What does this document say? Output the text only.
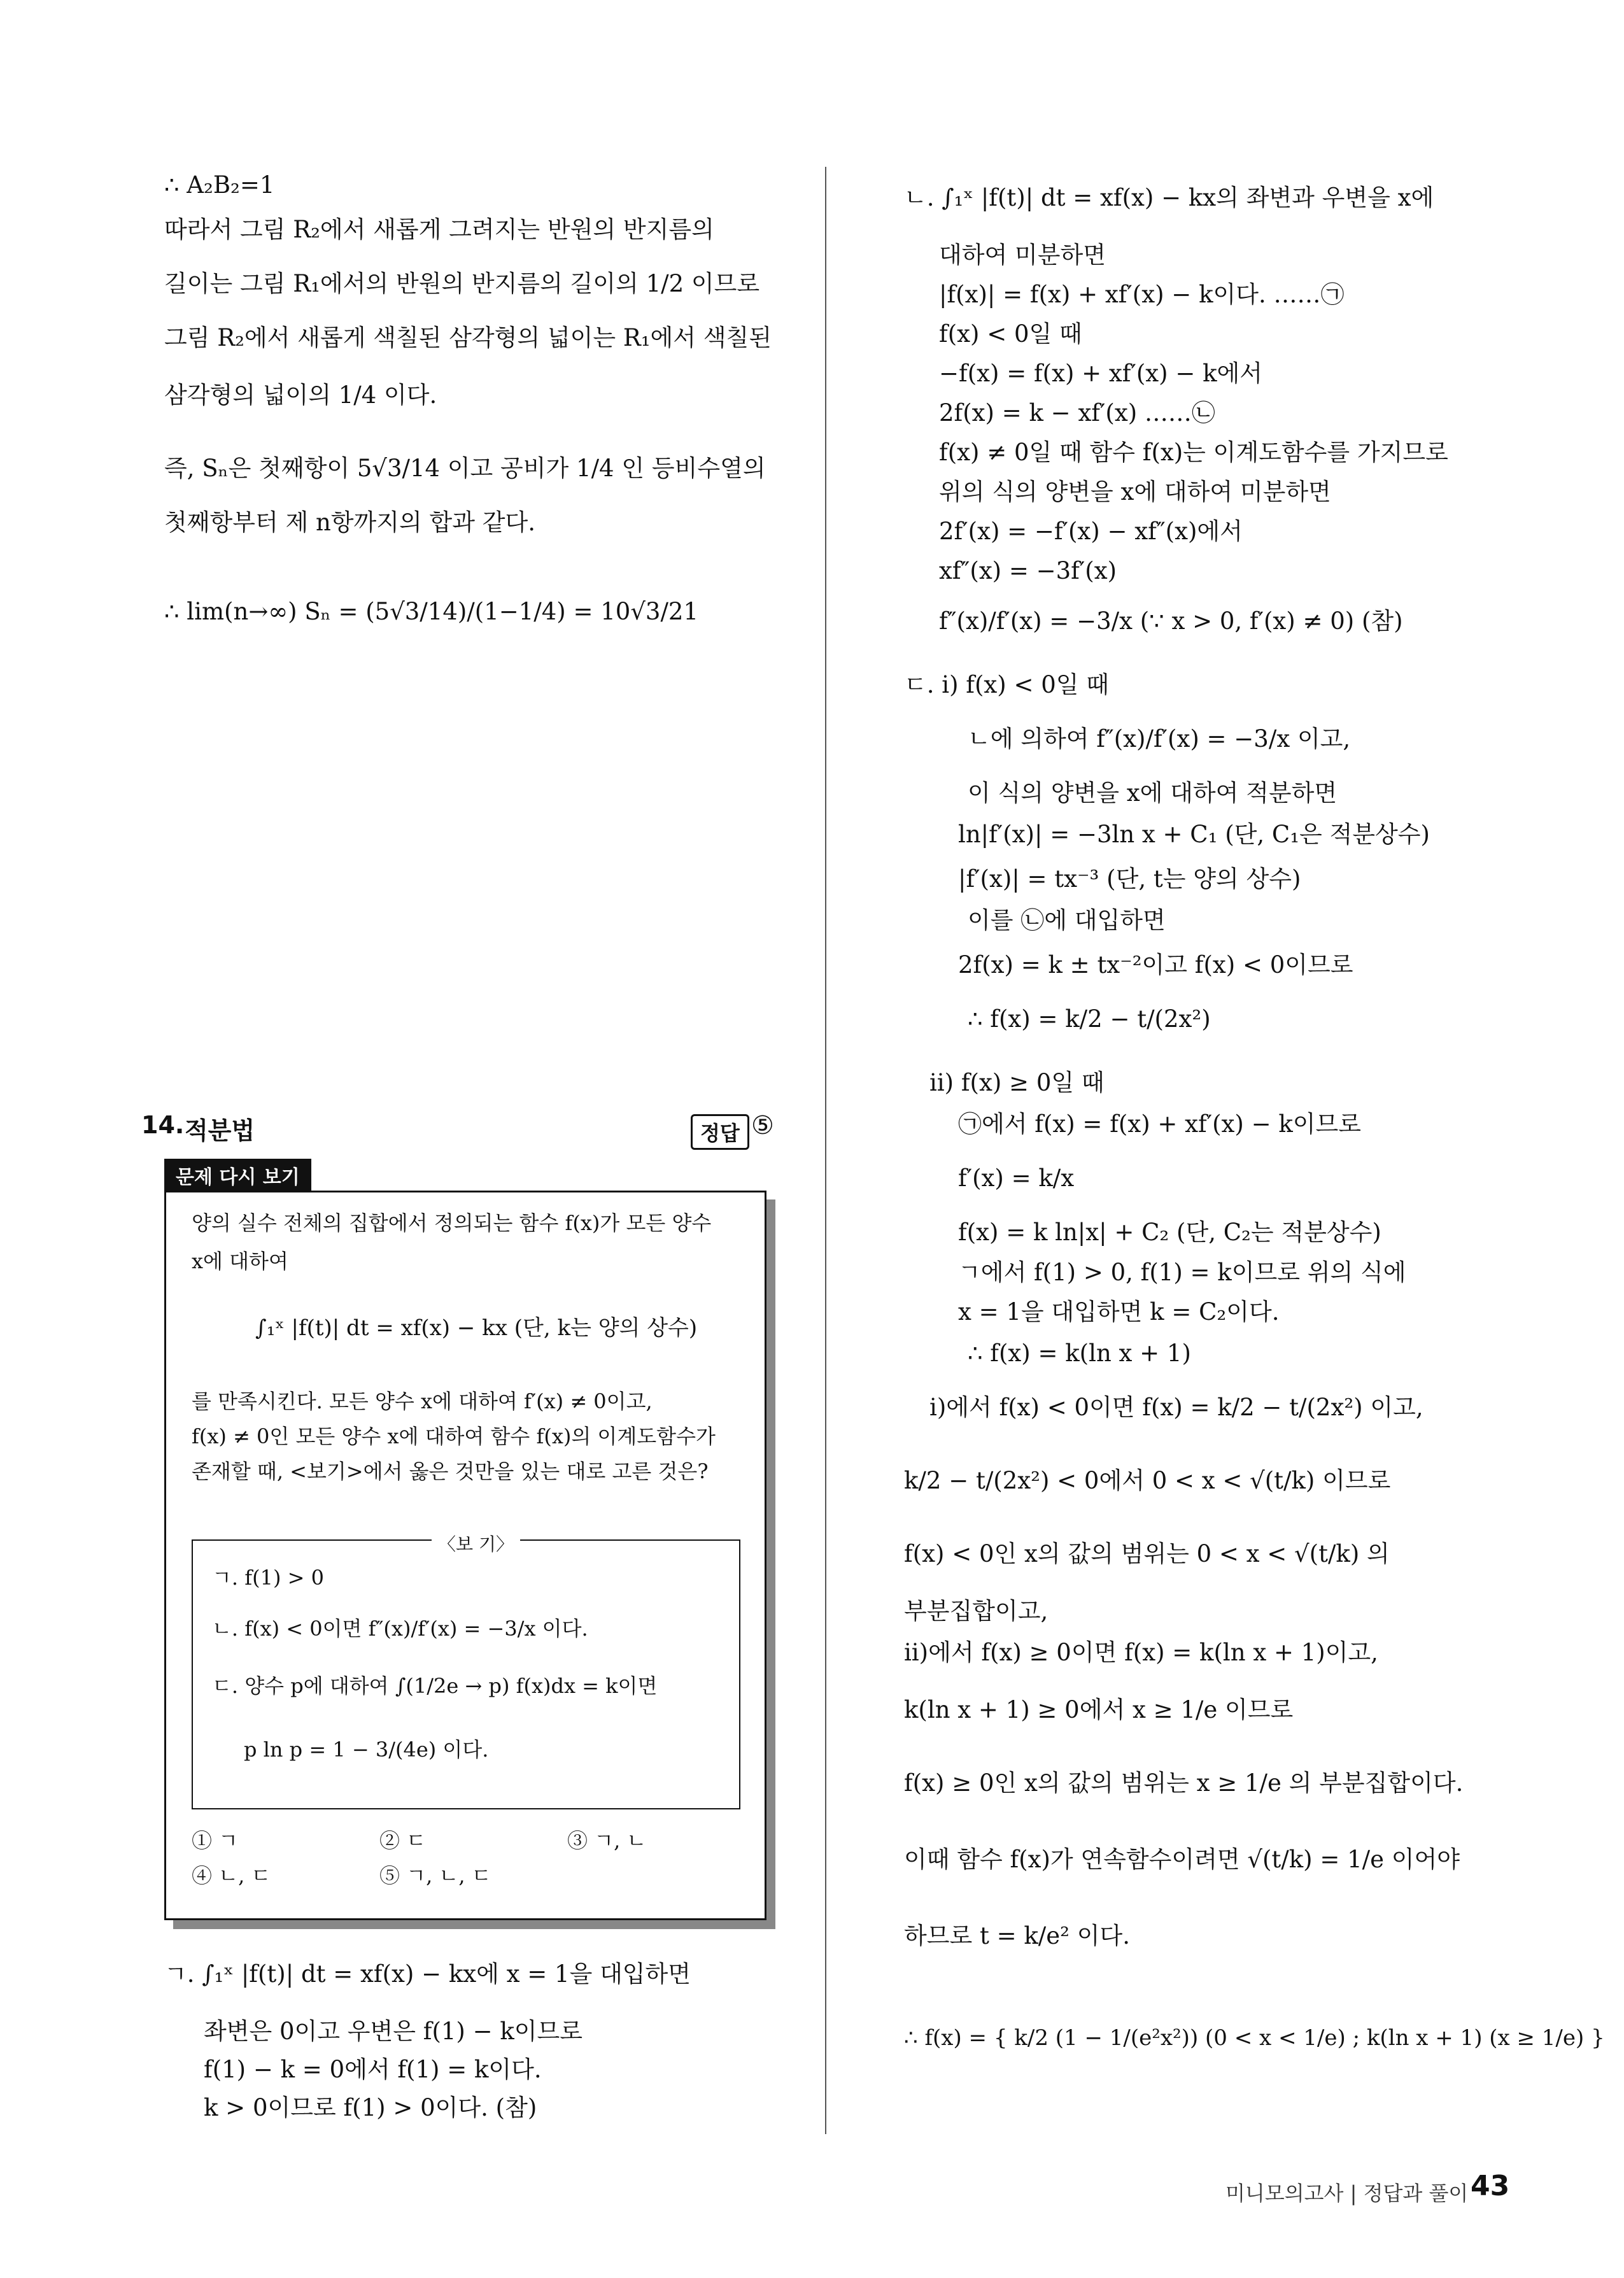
∴ A₂B₂=1
따라서 그림 R₂에서 새롭게 그려지는 반원의 반지름의
길이는 그림 R₁에서의 반원의 반지름의 길이의 1/2 이므로
그림 R₂에서 새롭게 색칠된 삼각형의 넓이는 R₁에서 색칠된
삼각형의 넓이의 1/4 이다.
즉, Sₙ은 첫째항이 5√3/14 이고 공비가 1/4 인 등비수열의
첫째항부터 제 n항까지의 합과 같다.
∴ lim(n→∞) Sₙ = (5√3/14)/(1−1/4) = 10√3/21
14. 적분법	정답 ⑤
문제 다시 보기
양의 실수 전체의 집합에서 정의되는 함수 f(x)가 모든 양수
x에 대하여
∫₁ˣ |f(t)| dt = xf(x) − kx (단, k는 양의 상수)
를 만족시킨다. 모든 양수 x에 대하여 f′(x) ≠ 0이고,
f(x) ≠ 0인 모든 양수 x에 대하여 함수 f(x)의 이계도함수가
존재할 때, <보기>에서 옳은 것만을 있는 대로 고른 것은?
〈보 기〉
ㄱ. f(1) > 0
ㄴ. f(x) < 0이면 f″(x)/f′(x) = −3/x 이다.
ㄷ. 양수 p에 대하여 ∫(1/2e → p) f(x)dx = k이면
p ln p = 1 − 3/(4e) 이다.
① ㄱ	② ㄷ	③ ㄱ, ㄴ
④ ㄴ, ㄷ	⑤ ㄱ, ㄴ, ㄷ
ㄱ. ∫₁ˣ |f(t)| dt = xf(x) − kx에 x = 1을 대입하면
좌변은 0이고 우변은 f(1) − k이므로
f(1) − k = 0에서 f(1) = k이다.
k > 0이므로 f(1) > 0이다. (참)
ㄴ. ∫₁ˣ |f(t)| dt = xf(x) − kx의 좌변과 우변을 x에
대하여 미분하면
|f(x)| = f(x) + xf′(x) − k이다. ……㉠
f(x) < 0일 때
−f(x) = f(x) + xf′(x) − k에서
2f(x) = k − xf′(x) ……㉡
f(x) ≠ 0일 때 함수 f(x)는 이계도함수를 가지므로
위의 식의 양변을 x에 대하여 미분하면
2f′(x) = −f′(x) − xf″(x)에서
xf″(x) = −3f′(x)
f″(x)/f′(x) = −3/x (∵ x > 0, f′(x) ≠ 0) (참)
ㄷ. ⅰ) f(x) < 0일 때
ㄴ에 의하여 f″(x)/f′(x) = −3/x 이고,
이 식의 양변을 x에 대하여 적분하면
ln|f′(x)| = −3ln x + C₁ (단, C₁은 적분상수)
|f′(x)| = tx⁻³ (단, t는 양의 상수)
이를 ㉡에 대입하면
2f(x) = k ± tx⁻²이고 f(x) < 0이므로
∴ f(x) = k/2 − t/(2x²)
ⅱ) f(x) ≥ 0일 때
㉠에서 f(x) = f(x) + xf′(x) − k이므로
f′(x) = k/x
f(x) = k ln|x| + C₂ (단, C₂는 적분상수)
ㄱ에서 f(1) > 0, f(1) = k이므로 위의 식에
x = 1을 대입하면 k = C₂이다.
∴ f(x) = k(ln x + 1)
ⅰ)에서 f(x) < 0이면 f(x) = k/2 − t/(2x²) 이고,
k/2 − t/(2x²) < 0에서 0 < x < √(t/k) 이므로
f(x) < 0인 x의 값의 범위는 0 < x < √(t/k) 의
부분집합이고,
ⅱ)에서 f(x) ≥ 0이면 f(x) = k(ln x + 1)이고,
k(ln x + 1) ≥ 0에서 x ≥ 1/e 이므로
f(x) ≥ 0인 x의 값의 범위는 x ≥ 1/e 의 부분집합이다.
이때 함수 f(x)가 연속함수이려면 √(t/k) = 1/e 이어야
하므로 t = k/e² 이다.
∴ f(x) = { k/2 (1 − 1/(e²x²)) (0 < x < 1/e) ; k(ln x + 1) (x ≥ 1/e) }
미니모의고사 | 정답과 풀이 43
